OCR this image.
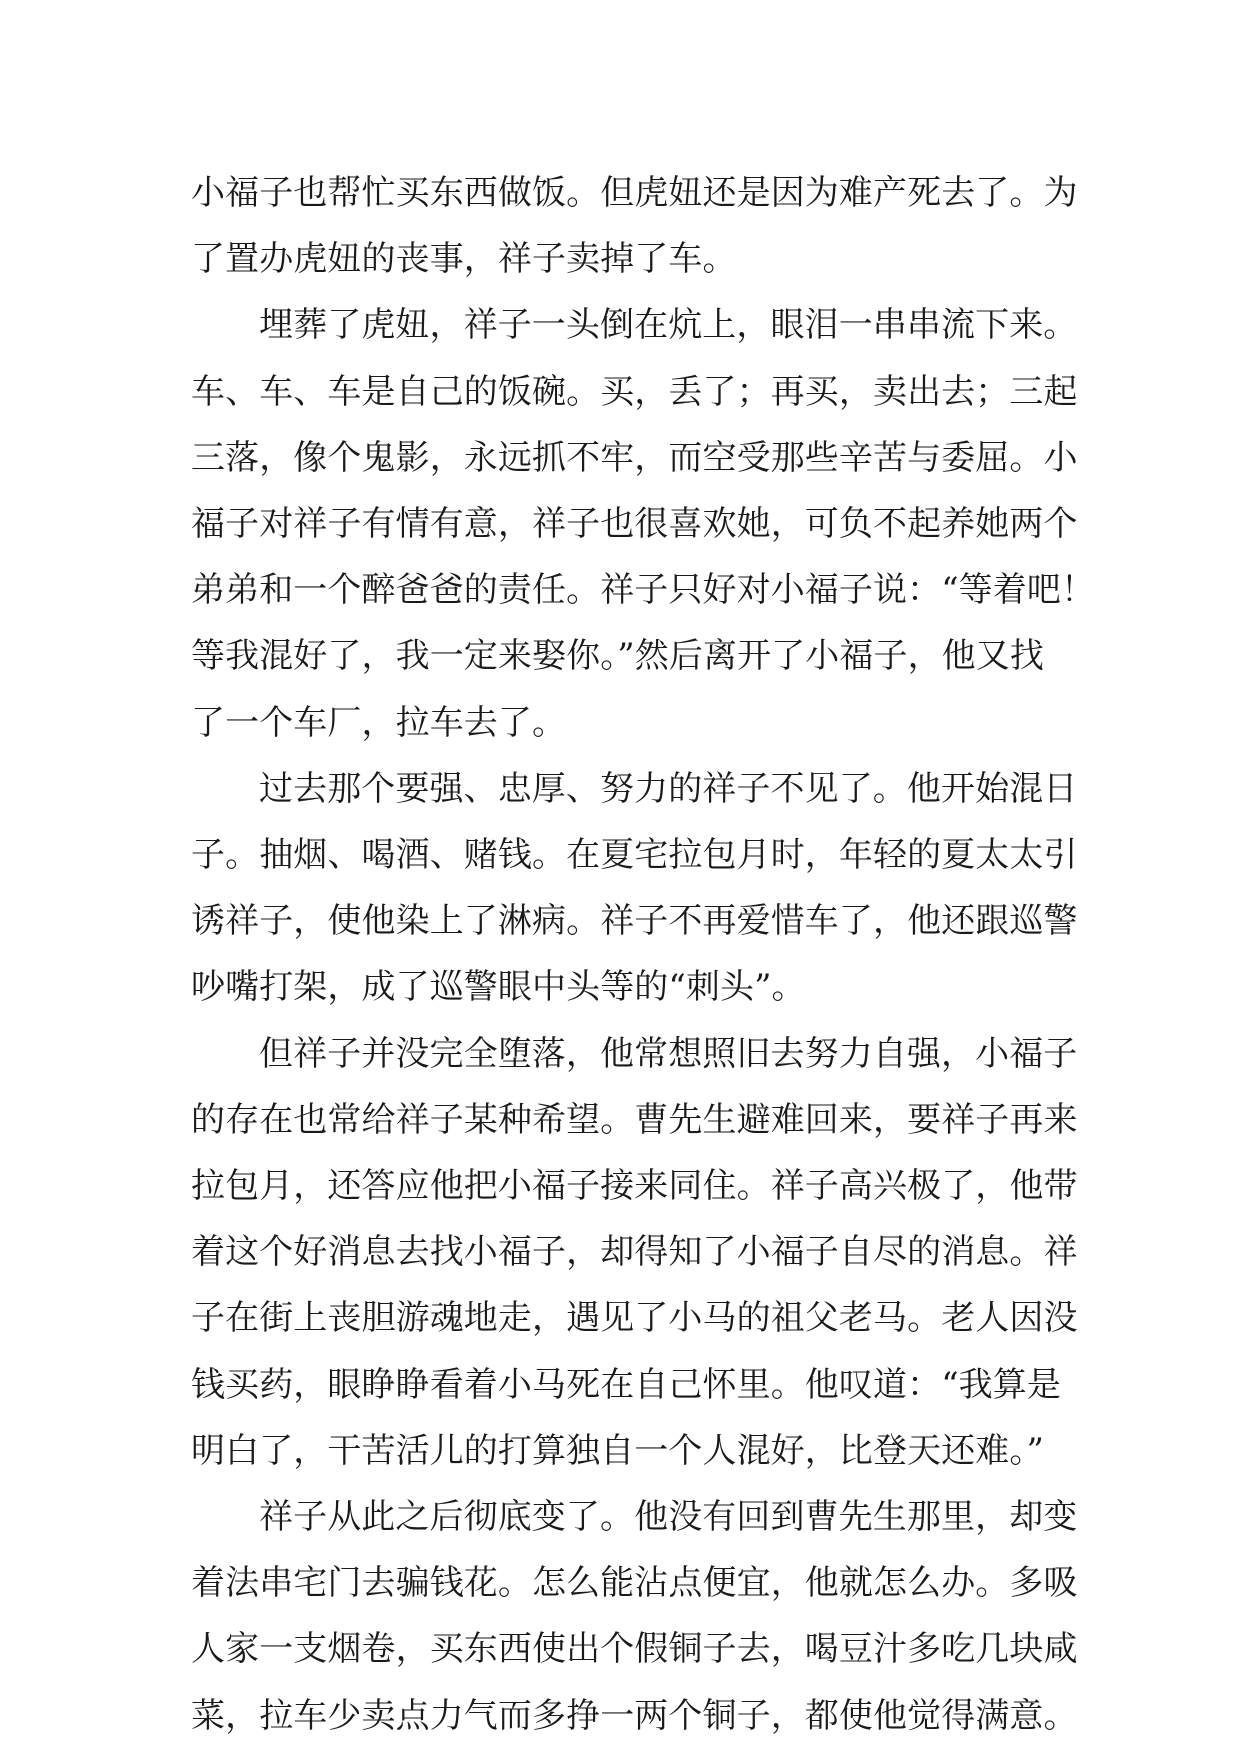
小福子也帮忙买东西做饭。但虎妞还是因为难产死去了。为
了置办虎妞的丧事，祥子卖掉了车。

埋葬了虎妞，祥子一头倒在炕上，眼泪一串串流下来。
车、车、车是自己的饭碗。买，丢了；再买，卖出去；三起
三落，像个鬼影，永远抓不牢，而空受那些辛苦与委屈。小
福子对祥子有情有意，祥子也很喜欢她，可负不起养她两个
弟弟和一个醉爸爸的责任。祥子只好对小福子说：“等着吧！
等我混好了，我一定来娶你。”然后离开了小福子，他又找
了一个车厂，拉车去了。

过去那个要强、忠厚、努力的祥子不见了。他开始混日
子。抽烟、喝酒、赌钱。在夏宅拉包月时，年轻的夏太太引
诱祥子，使他染上了淋病。祥子不再爱惜车了，他还跟巡警
吵嘴打架，成了巡警眼中头等的“刺头”。

但祥子并没完全堕落，他常想照旧去努力自强，小福子
的存在也常给祥子某种希望。曹先生避难回来，要祥子再来
拉包月，还答应他把小福子接来同住。祥子高兴极了，他带
着这个好消息去找小福子，却得知了小福子自尽的消息。祥
子在街上丧胆游魂地走，遇见了小马的祖父老马。老人因没
钱买药，眼睁睁看着小马死在自己怀里。他叹道：“我算是
明白了，干苦活儿的打算独自一个人混好，比登天还难。”

祥子从此之后彻底变了。他没有回到曹先生那里，却变
着法串宅门去骗钱花。怎么能沾点便宜，他就怎么办。多吸
人家一支烟卷，买东西使出个假铜子去，喝豆汁多吃几块咸
菜，拉车少卖点力气而多挣一两个铜子，都使他觉得满意。
